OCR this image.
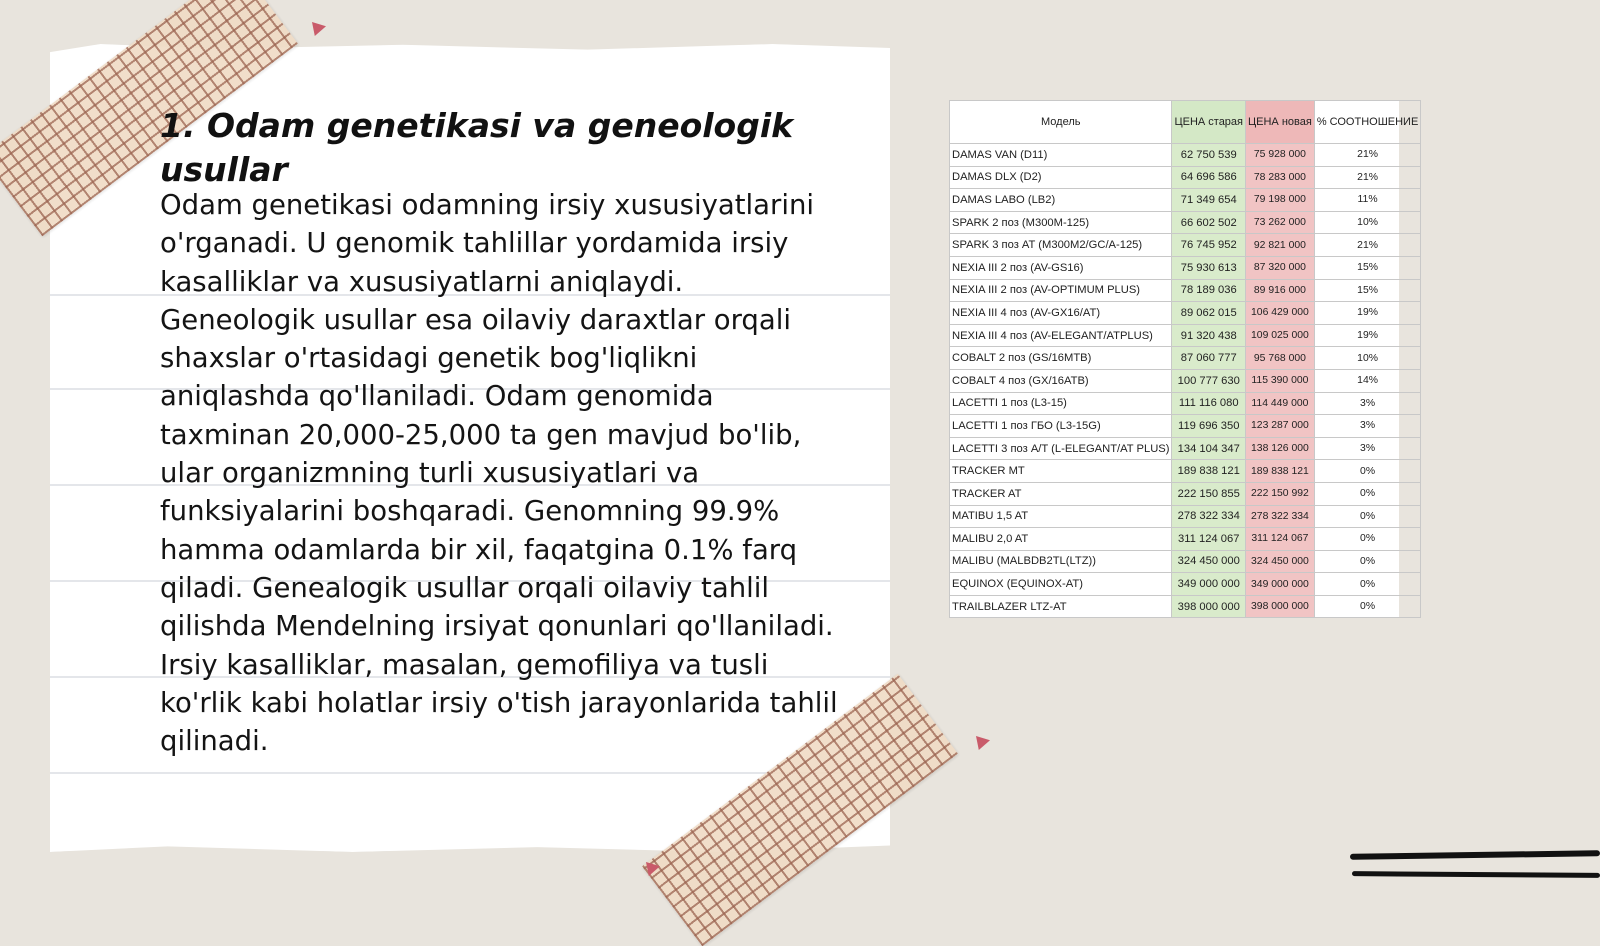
1. Odam genetikasi va geneologik usullar

Odam genetikasi odamning irsiy xususiyatlarini o'rganadi. U genomik tahlillar yordamida irsiy kasalliklar va xususiyatlarni aniqlaydi. Geneologik usullar esa oilaviy daraxtlar orqali shaxslar o'rtasidagi genetik bog'liqlikni aniqlashda qo'llaniladi. Odam genomida taxminan 20,000-25,000 ta gen mavjud bo'lib, ular organizmning turli xususiyatlari va funksiyalarini boshqaradi. Genomning 99.9% hamma odamlarda bir xil, faqatgina 0.1% farq qiladi. Genealogik usullar orqali oilaviy tahlil qilishda Mendelning irsiyat qonunlari qo'llaniladi. Irsiy kasalliklar, masalan, gemofiliya va tusli ko'rlik kabi holatlar irsiy o'tish jarayonlarida tahlil qilinadi.

Модель	ЦЕНА старая	ЦЕНА новая	% СООТНОШЕНИЕ
DAMAS VAN (D11)	62 750 539	75 928 000	21%
DAMAS DLX (D2)	64 696 586	78 283 000	21%
DAMAS LABO (LB2)	71 349 654	79 198 000	11%
SPARK 2 поз (M300M-125)	66 602 502	73 262 000	10%
SPARK 3 поз AT (M300M2/GC/A-125)	76 745 952	92 821 000	21%
NEXIA III 2 поз (AV-GS16)	75 930 613	87 320 000	15%
NEXIA III 2 поз (AV-OPTIMUM PLUS)	78 189 036	89 916 000	15%
NEXIA III 4 поз (AV-GX16/AT)	89 062 015	106 429 000	19%
NEXIA III 4 поз (AV-ELEGANT/ATPLUS)	91 320 438	109 025 000	19%
COBALT 2 поз (GS/16MTB)	87 060 777	95 768 000	10%
COBALT 4 поз (GX/16ATB)	100 777 630	115 390 000	14%
LACETTI 1 поз (L3-15)	111 116 080	114 449 000	3%
LACETTI 1 поз ГБО (L3-15G)	119 696 350	123 287 000	3%
LACETTI 3 поз A/T (L-ELEGANT/AT PLUS)	134 104 347	138 126 000	3%
TRACKER MT	189 838 121	189 838 121	0%
TRACKER AT	222 150 855	222 150 992	0%
MATIBU 1,5 AT	278 322 334	278 322 334	0%
MALIBU 2,0 AT	311 124 067	311 124 067	0%
MALIBU (MALBDB2TL(LTZ))	324 450 000	324 450 000	0%
EQUINOX (EQUINOX-AT)	349 000 000	349 000 000	0%
TRAILBLAZER LTZ-AT	398 000 000	398 000 000	0%
